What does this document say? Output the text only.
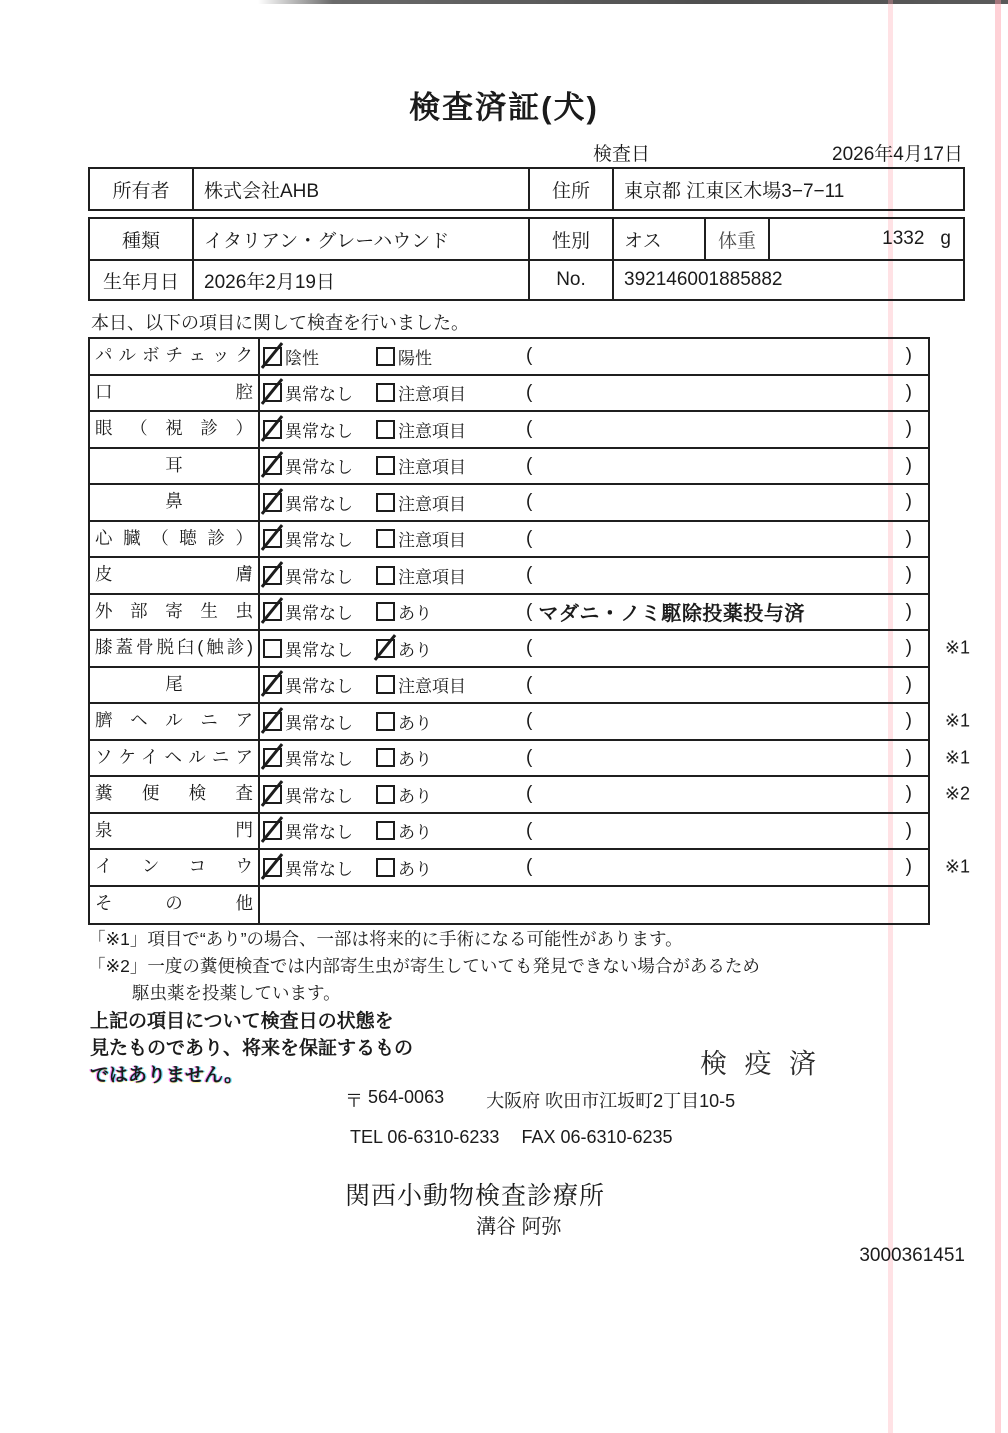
検査済証(犬)
検査日	2026年4月17日
所有者	株式会社AHB	住所	東京都 江東区木場3−7−11
種類	イタリアン・グレーハウンド	性別	オス	体重	1332 g
生年月日	2026年2月19日	No.	392146001885882
本日、以下の項目に関して検査を行いました。
パルボチェック	陰性	陽性	(	)
口腔	異常なし	注意項目	(	)
眼（視診）	異常なし	注意項目	(	)
耳	異常なし	注意項目	(	)
鼻	異常なし	注意項目	(	)
心臓（聴診）	異常なし	注意項目	(	)
皮膚	異常なし	注意項目	(	)
外部寄生虫	異常なし	あり	( マダニ・ノミ駆除投薬投与済	)
膝蓋骨脱臼(触診)	異常なし	あり	(	) ※1
尾	異常なし	注意項目	(	)
臍ヘルニア	異常なし	あり	(	) ※1
ソケイヘルニア	異常なし	あり	(	) ※1
糞便検査	異常なし	あり	(	) ※2
泉門	異常なし	あり	(	)
インコウ	異常なし	あり	(	) ※1
その他
「※1」項目で“あり”の場合、一部は将来的に手術になる可能性があります。
「※2」一度の糞便検査では内部寄生虫が寄生していても発見できない場合があるため
駆虫薬を投薬しています。
上記の項目について検査日の状態を
見たものであり、将来を保証するもの
ではありません。	検 疫 済
〒
564-0063 大阪府 吹田市江坂町2丁目10-5
TEL 06-6310-6233 FAX 06-6310-6235
関西小動物検査診療所
溝谷 阿弥
3000361451
